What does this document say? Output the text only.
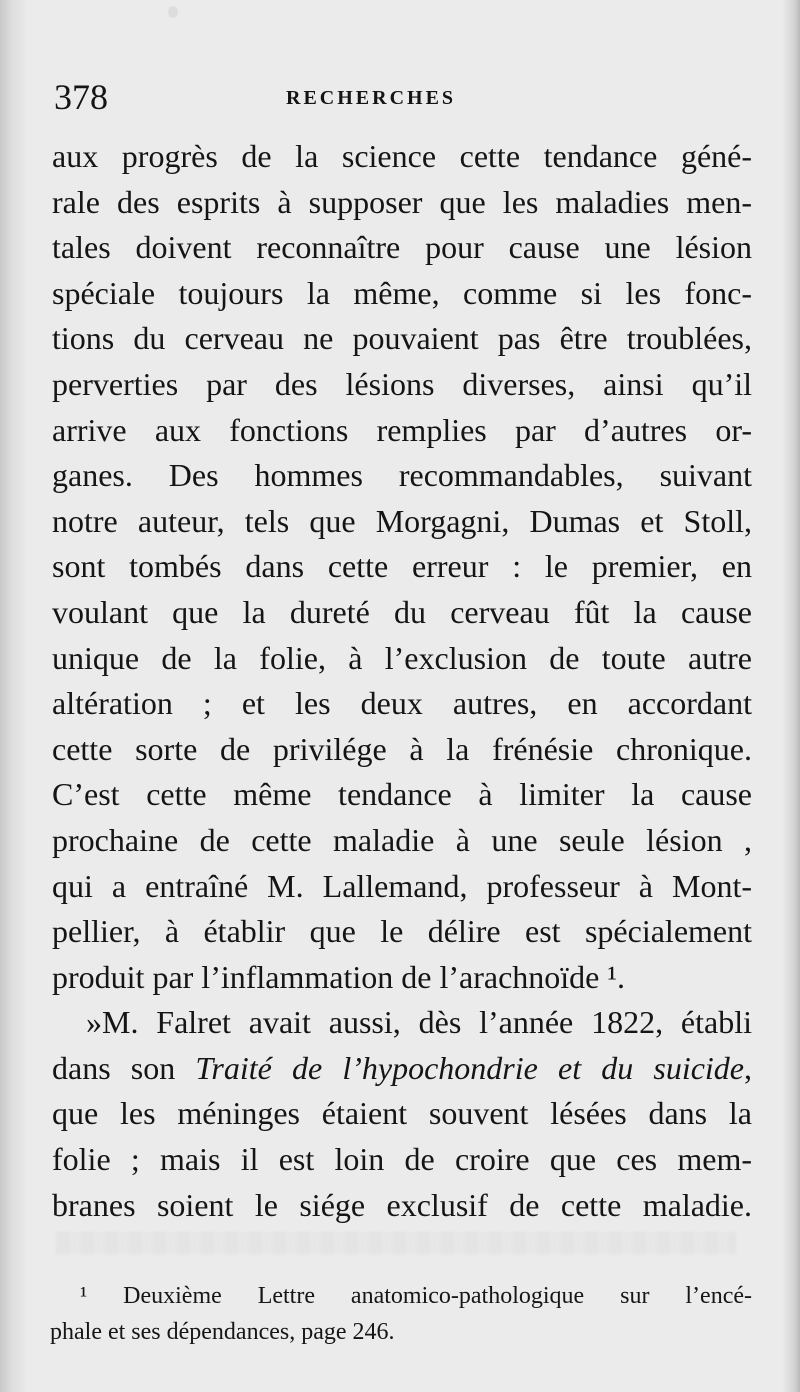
378	RECHERCHES
aux progrès de la science cette tendance géné-
rale des esprits à supposer que les maladies men-
tales doivent reconnaître pour cause une lésion
spéciale toujours la même, comme si les fonc-
tions du cerveau ne pouvaient pas être troublées,
perverties par des lésions diverses, ainsi qu’il
arrive aux fonctions remplies par d’autres or-
ganes. Des hommes recommandables, suivant
notre auteur, tels que Morgagni, Dumas et Stoll,
sont tombés dans cette erreur : le premier, en
voulant que la dureté du cerveau fût la cause
unique de la folie, à l’exclusion de toute autre
altération ; et les deux autres, en accordant
cette sorte de privilége à la frénésie chronique.
C’est cette même tendance à limiter la cause
prochaine de cette maladie à une seule lésion ,
qui a entraîné M. Lallemand, professeur à Mont-
pellier, à établir que le délire est spécialement
produit par l’inflammation de l’arachnoïde ¹.
»M. Falret avait aussi, dès l’année 1822, établi
dans son Traité de l’hypochondrie et du suicide,
que les méninges étaient souvent lésées dans la
folie ; mais il est loin de croire que ces mem-
branes soient le siége exclusif de cette maladie.
¹ Deuxième Lettre anatomico-pathologique sur l’encé-
phale et ses dépendances, page 246.
